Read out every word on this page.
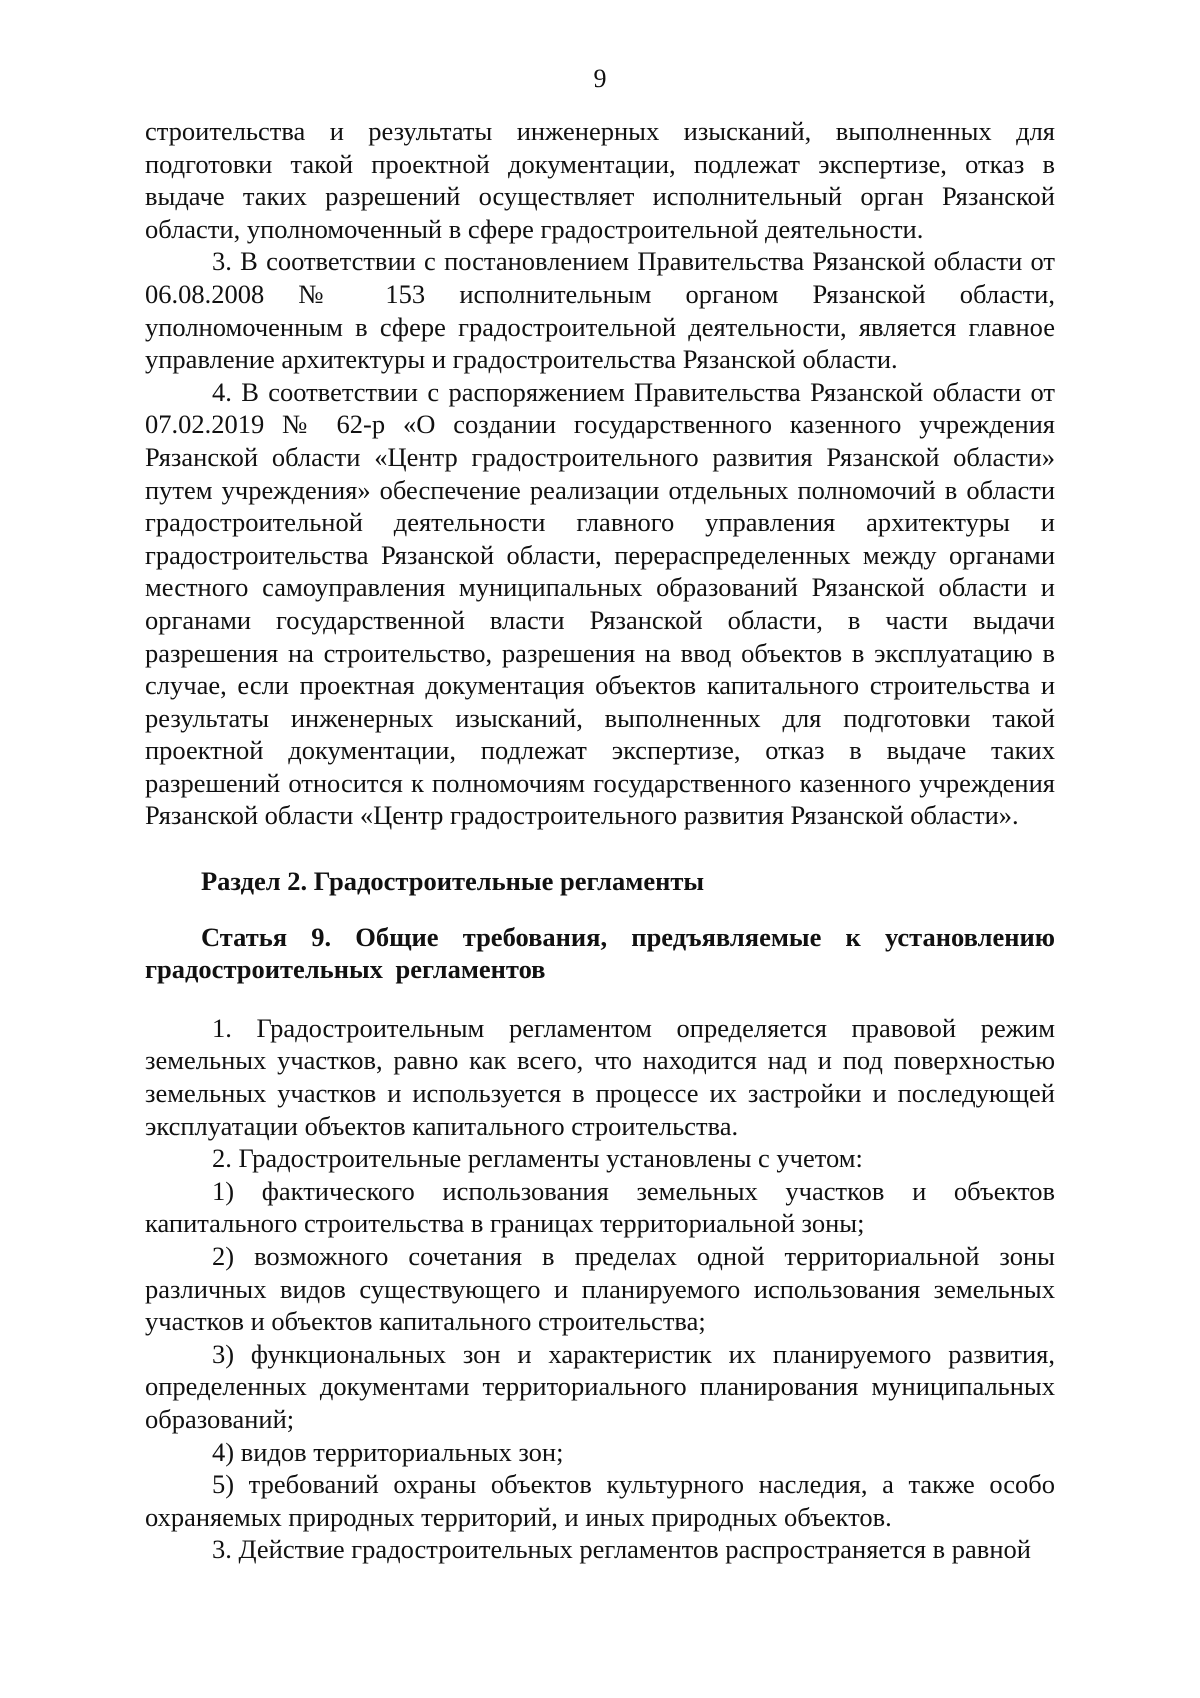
9

строительства и результаты инженерных изысканий, выполненных для подготовки такой проектной документации, подлежат экспертизе, отказ в выдаче таких разрешений осуществляет исполнительный орган Рязанской области, уполномоченный в сфере градостроительной деятельности.

3. В соответствии с постановлением Правительства Рязанской области от 06.08.2008 № 153 исполнительным органом Рязанской области, уполномоченным в сфере градостроительной деятельности, является главное управление архитектуры и градостроительства Рязанской области.

4. В соответствии с распоряжением Правительства Рязанской области от 07.02.2019 № 62-р «О создании государственного казенного учреждения Рязанской области «Центр градостроительного развития Рязанской области» путем учреждения» обеспечение реализации отдельных полномочий в области градостроительной деятельности главного управления архитектуры и градостроительства Рязанской области, перераспределенных между органами местного самоуправления муниципальных образований Рязанской области и органами государственной власти Рязанской области, в части выдачи разрешения на строительство, разрешения на ввод объектов в эксплуатацию в случае, если проектная документация объектов капитального строительства и результаты инженерных изысканий, выполненных для подготовки такой проектной документации, подлежат экспертизе, отказ в выдаче таких разрешений относится к полномочиям государственного казенного учреждения Рязанской области «Центр градостроительного развития Рязанской области».

Раздел 2. Градостроительные регламенты

Статья 9. Общие требования, предъявляемые к установлению градостроительных регламентов

1. Градостроительным регламентом определяется правовой режим земельных участков, равно как всего, что находится над и под поверхностью земельных участков и используется в процессе их застройки и последующей эксплуатации объектов капитального строительства.

2. Градостроительные регламенты установлены с учетом:

1) фактического использования земельных участков и объектов капитального строительства в границах территориальной зоны;

2) возможного сочетания в пределах одной территориальной зоны различных видов существующего и планируемого использования земельных участков и объектов капитального строительства;

3) функциональных зон и характеристик их планируемого развития, определенных документами территориального планирования муниципальных образований;

4) видов территориальных зон;

5) требований охраны объектов культурного наследия, а также особо охраняемых природных территорий, и иных природных объектов.

3. Действие градостроительных регламентов распространяется в равной
